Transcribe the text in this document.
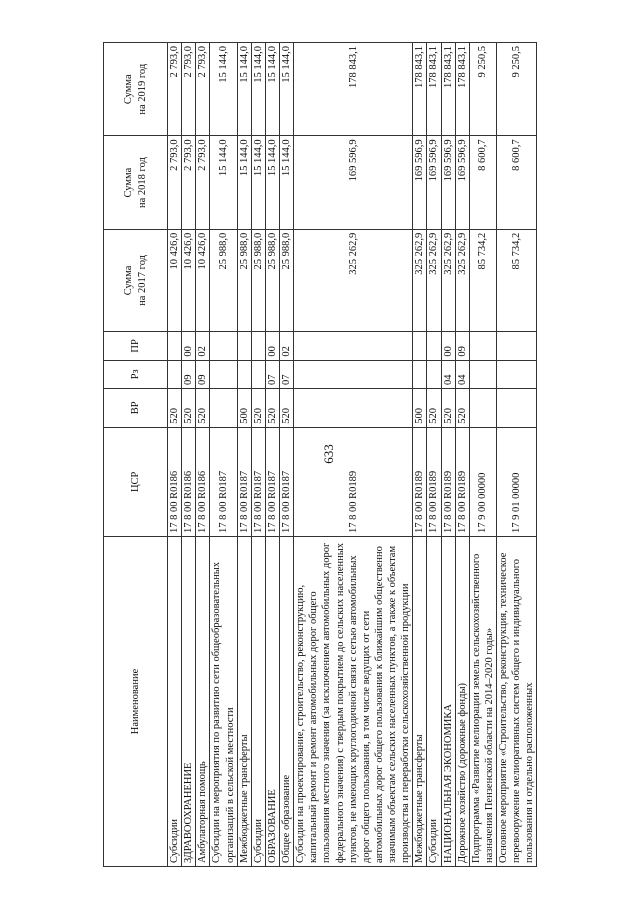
633
Наименование	ЦСР	ВР	Рз	ПР	Сумма на 2017 год	Сумма на 2018 год	Сумма на 2019 год

Субсидии	17 8 00 R0186	520			10 426,0	2 793,0	2 793,0
ЗДРАВООХРАНЕНИЕ	17 8 00 R0186	520	09	00	10 426,0	2 793,0	2 793,0
Амбулаторная помощь	17 8 00 R0186	520	09	02	10 426,0	2 793,0	2 793,0
Субсидии на мероприятия по развитию сети общеобразовательных организаций в сельской местности	17 8 00 R0187				25 988,0	15 144,0	15 144,0
Межбюджетные трансферты	17 8 00 R0187	500			25 988,0	15 144,0	15 144,0
Субсидии	17 8 00 R0187	520			25 988,0	15 144,0	15 144,0
ОБРАЗОВАНИЕ	17 8 00 R0187	520	07	00	25 988,0	15 144,0	15 144,0
Общее образование	17 8 00 R0187	520	07	02	25 988,0	15 144,0	15 144,0
Субсидии на проектирование, строительство, реконструкцию, капитальный ремонт и ремонт автомобильных дорог общего пользования местного значения (за исключением автомобильных дорог федерального значения) с твердым покрытием до сельских населенных пунктов, не имеющих круглогодичной связи с сетью автомобильных дорог общего пользования, в том числе ведущих от сети автомобильных дорог общего пользования к ближайшим общественно значимым объектам сельских населенных пунктов, а также к объектам производства и переработки сельскохозяйственной продукции	17 8 00 R0189				325 262,9	169 596,9	178 843,1
Межбюджетные трансферты	17 8 00 R0189	500			325 262,9	169 596,9	178 843,1
Субсидии	17 8 00 R0189	520			325 262,9	169 596,9	178 843,1
НАЦИОНАЛЬНАЯ ЭКОНОМИКА	17 8 00 R0189	520	04	00	325 262,9	169 596,9	178 843,1
Дорожное хозяйство (дорожные фонды)	17 8 00 R0189	520	04	09	325 262,9	169 596,9	178 843,1
Подпрограмма «Развитие мелиорации земель сельскохозяйственного назначения Пензенской области на 2014–2020 годы»	17 9 00 00000				85 734,2	8 600,7	9 250,5
Основное мероприятие «Строительство, реконструкция, техническое перевооружение мелиоративных систем общего и индивидуального пользования и отдельно расположенных	17 9 01 00000				85 734,2	8 600,7	9 250,5
